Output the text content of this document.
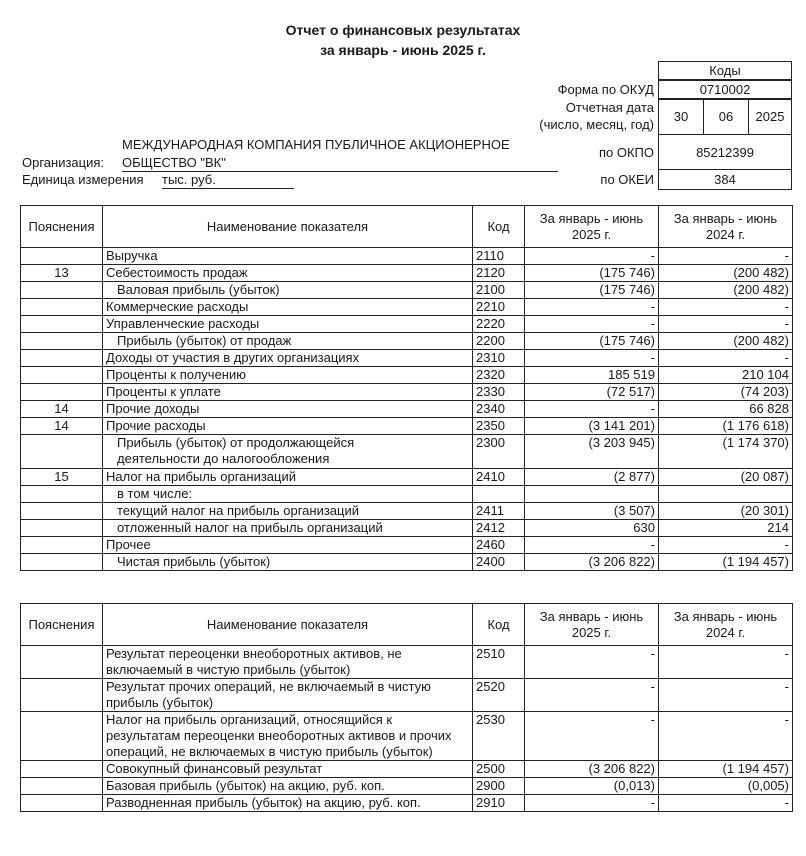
Отчет о финансовых результатах
за январь - июнь 2025 г.
Коды
Форма по ОКУД	0710002
Отчетная дата
(число, месяц, год)
30	06	2025
по ОКПО	85212399
по ОКЕИ	384
МЕЖДУНАРОДНАЯ КОМПАНИЯ ПУБЛИЧНОЕ АКЦИОНЕРНОЕ
Организация: ОБЩЕСТВО "ВК"
Единица измерения тыс. руб.
Пояснения	Наименование показателя	Код	За январь - июнь 2025 г.	За январь - июнь 2024 г.
	Выручка	2110	-	-
13	Себестоимость продаж	2120	(175 746)	(200 482)
	Валовая прибыль (убыток)	2100	(175 746)	(200 482)
	Коммерческие расходы	2210	-	-
	Управленческие расходы	2220	-	-
	Прибыль (убыток) от продаж	2200	(175 746)	(200 482)
	Доходы от участия в других организациях	2310	-	-
	Проценты к получению	2320	185 519	210 104
	Проценты к уплате	2330	(72 517)	(74 203)
14	Прочие доходы	2340	-	66 828
14	Прочие расходы	2350	(3 141 201)	(1 176 618)

	Прибыль (убыток) от продолжающейся
деятельности до налогообложения	2300	(3 203 945)	(1 174 370)
15	Налог на прибыль организаций	2410	(2 877)	(20 087)
	в том числе:			
	текущий налог на прибыль организаций	2411	(3 507)	(20 301)
	отложенный налог на прибыль организаций	2412	630	214
	Прочее	2460	-	-
	Чистая прибыль (убыток)	2400	(3 206 822)	(1 194 457)
Пояснения	Наименование показателя	Код	За январь - июнь 2025 г.	За январь - июнь 2024 г.
	Результат переоценки внеоборотных активов, не включаемый в чистую прибыль (убыток)	2510	-	-
	Результат прочих операций, не включаемый в чистую прибыль (убыток)	2520	-	-
	Налог на прибыль организаций, относящийся к результатам переоценки внеоборотных активов и прочих операций, не включаемых в чистую прибыль (убыток)	2530	-	-
	Совокупный финансовый результат	2500	(3 206 822)	(1 194 457)
	Базовая прибыль (убыток) на акцию, руб. коп.	2900	(0,013)	(0,005)
	Разводненная прибыль (убыток) на акцию, руб. коп.	2910	-	-
